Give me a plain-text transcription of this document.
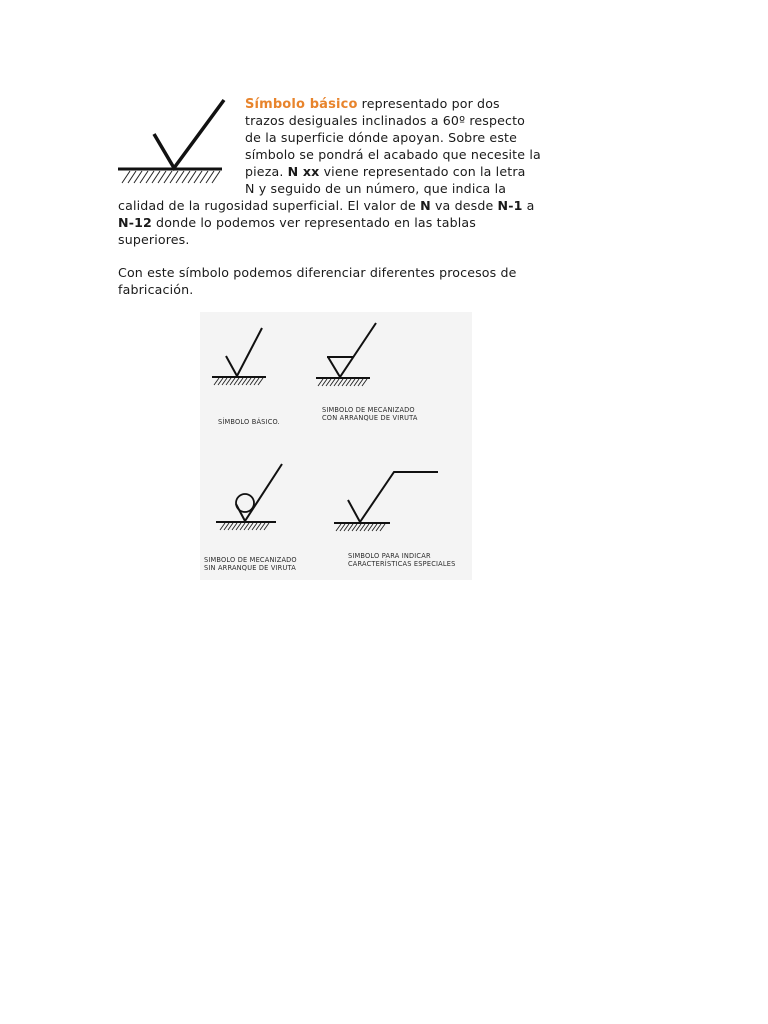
Símbolo básico representado por dos
trazos desiguales inclinados a 60º respecto
de la superficie dónde apoyan. Sobre este
símbolo se pondrá el acabado que necesite la
pieza. N xx viene representado con la letra
N y seguido de un número, que indica la
calidad de la rugosidad superficial. El valor de N va desde N-1 a
N-12 donde lo podemos ver representado en las tablas
superiores.
Con este símbolo podemos diferenciar diferentes procesos de
fabricación.
SÍMBOLO BÁSICO.
SIMBOLO DE MECANIZADO
CON ARRANQUE DE VIRUTA
SIMBOLO DE MECANIZADO
SIN ARRANQUE DE VIRUTA
SIMBOLO PARA INDICAR
CARACTERÍSTICAS ESPECIALES
